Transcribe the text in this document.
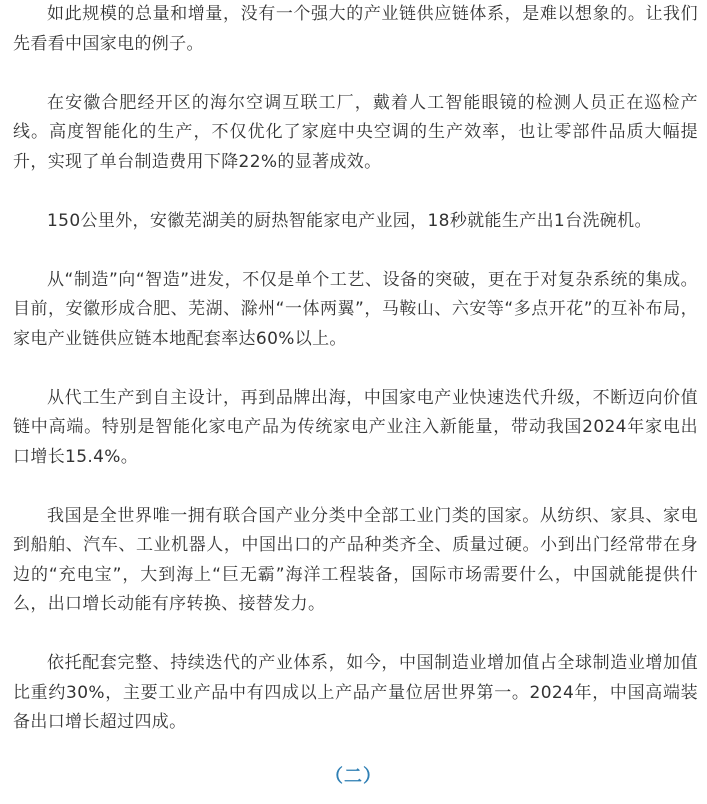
如此规模的总量和增量，没有一个强大的产业链供应链体系，是难以想象的。让我们先看看中国家电的例子。

在安徽合肥经开区的海尔空调互联工厂，戴着人工智能眼镜的检测人员正在巡检产线。高度智能化的生产，不仅优化了家庭中央空调的生产效率，也让零部件品质大幅提升，实现了单台制造费用下降22%的显著成效。

150公里外，安徽芜湖美的厨热智能家电产业园，18秒就能生产出1台洗碗机。

从“制造”向“智造”进发，不仅是单个工艺、设备的突破，更在于对复杂系统的集成。目前，安徽形成合肥、芜湖、滁州“一体两翼”，马鞍山、六安等“多点开花”的互补布局，家电产业链供应链本地配套率达60%以上。

从代工生产到自主设计，再到品牌出海，中国家电产业快速迭代升级，不断迈向价值链中高端。特别是智能化家电产品为传统家电产业注入新能量，带动我国2024年家电出口增长15.4%。

我国是全世界唯一拥有联合国产业分类中全部工业门类的国家。从纺织、家具、家电到船舶、汽车、工业机器人，中国出口的产品种类齐全、质量过硬。小到出门经常带在身边的“充电宝”，大到海上“巨无霸”海洋工程装备，国际市场需要什么，中国就能提供什么，出口增长动能有序转换、接替发力。

依托配套完整、持续迭代的产业体系，如今，中国制造业增加值占全球制造业增加值比重约30%，主要工业产品中有四成以上产品产量位居世界第一。2024年，中国高端装备出口增长超过四成。

（二）
